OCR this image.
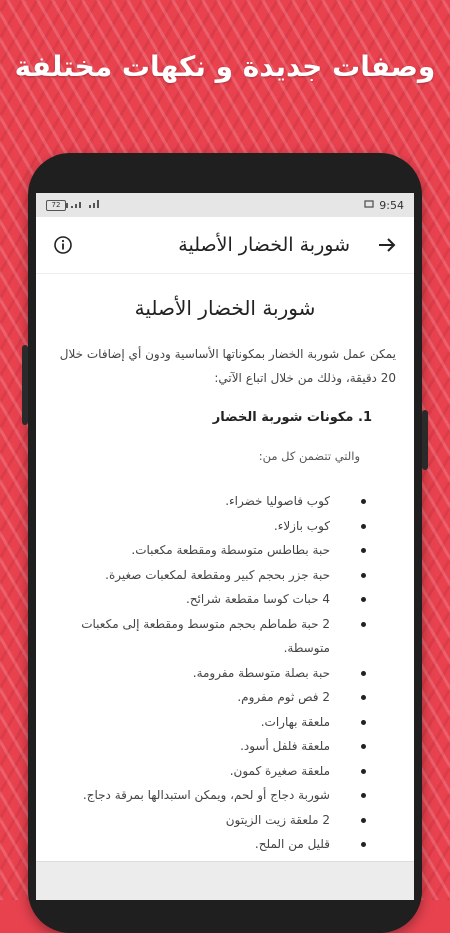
وصفات جديدة و نكهات مختلفة
72	9:54
شوربة الخضار الأصلية
شوربة الخضار الأصلية

يمكن عمل شوربة الخضار بمكوناتها الأساسية ودون أي إضافات خلال 20 دقيقة، وذلك من خلال اتباع الآتي:

1. مكونات شوربة الخضار
والتي تتضمن كل من:
كوب فاصوليا خضراء.
كوب بازلاء.
حبة بطاطس متوسطة ومقطعة مكعبات.
حبة جزر بحجم كبير ومقطعة لمكعبات صغيرة.
4 حبات كوسا مقطعة شرائح.
2 حبة طماطم بحجم متوسط ومقطعة إلى مكعبات متوسطة.
حبة بصلة متوسطة مفرومة.
2 فص ثوم مفروم.
ملعقة بهارات.
ملعقة فلفل أسود.
ملعقة صغيرة كمون.
شوربة دجاج أو لحم، ويمكن استبدالها بمرقة دجاج.
2 ملعقة زيت الزيتون
قليل من الملح.
